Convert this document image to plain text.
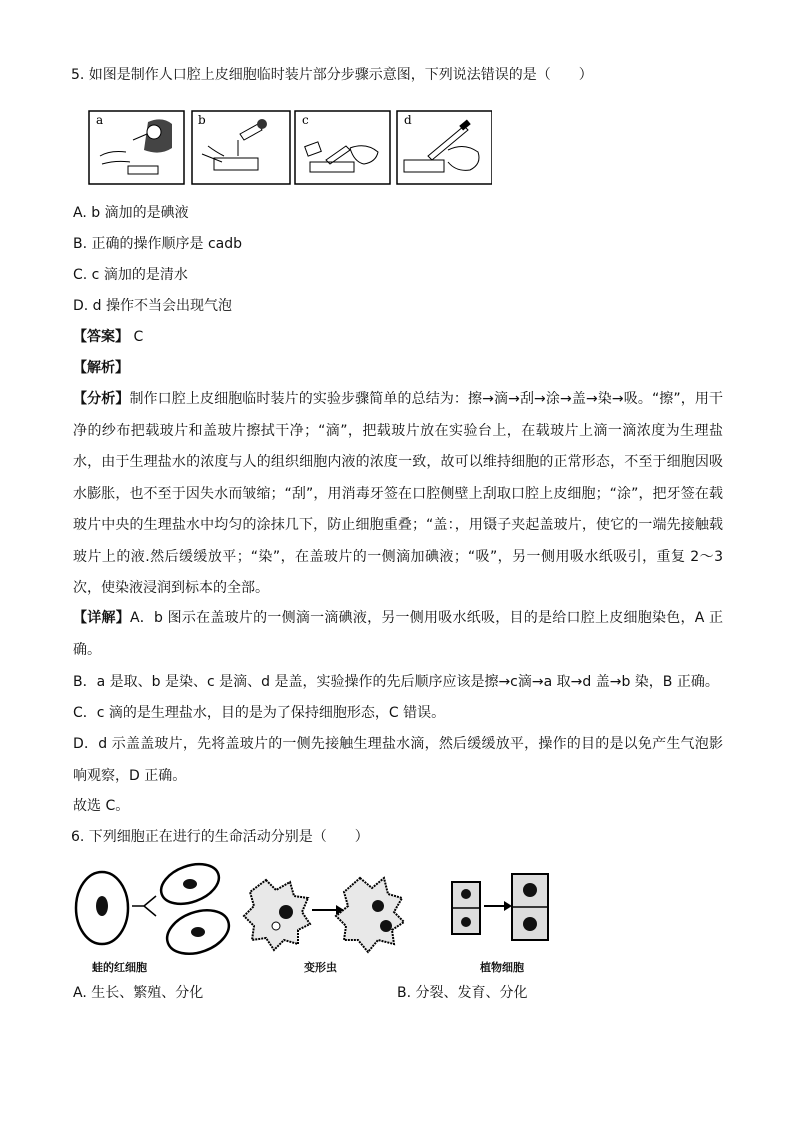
5. 如图是制作人口腔上皮细胞临时装片部分步骤示意图，下列说法错误的是（　　）
a	b	c	d
A. b 滴加的是碘液
B. 正确的操作顺序是 cadb
C. c 滴加的是清水
D. d 操作不当会出现气泡
【答案】 C
【解析】
【分析】制作口腔上皮细胞临时装片的实验步骤简单的总结为：擦→滴→刮→涂→盖→染→吸。“擦”，用干净的纱布把载玻片和盖玻片擦拭干净；“滴”，把载玻片放在实验台上，在载玻片上滴一滴浓度为生理盐水，由于生理盐水的浓度与人的组织细胞内液的浓度一致，故可以维持细胞的正常形态，不至于细胞因吸水膨胀，也不至于因失水而皱缩；“刮”，用消毒牙签在口腔侧壁上刮取口腔上皮细胞；“涂”，把牙签在载玻片中央的生理盐水中均匀的涂抹几下，防止细胞重叠；“盖：，用镊子夹起盖玻片，使它的一端先接触载玻片上的液.然后缓缓放平；“染”，在盖玻片的一侧滴加碘液；“吸”，另一侧用吸水纸吸引，重复 2～3次，使染液浸润到标本的全部。
【详解】A．b 图示在盖玻片的一侧滴一滴碘液，另一侧用吸水纸吸，目的是给口腔上皮细胞染色，A 正确。
B．a 是取、b 是染、c 是滴、d 是盖，实验操作的先后顺序应该是擦→c滴→a 取→d 盖→b 染，B 正确。
C．c 滴的是生理盐水，目的是为了保持细胞形态，C 错误。
D．d 示盖盖玻片，先将盖玻片的一侧先接触生理盐水滴，然后缓缓放平，操作的目的是以免产生气泡影响观察，D 正确。
故选 C。
6. 下列细胞正在进行的生命活动分别是（　　）
蛙的红细胞	变形虫	植物细胞
A. 生长、繁殖、分化	B. 分裂、发育、分化
